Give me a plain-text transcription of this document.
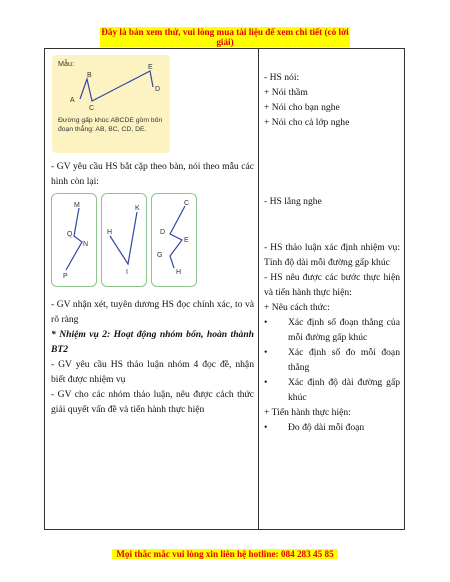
Đây là bản xem thử, vui lòng mua tài liệu để xem chi tiết (có lời giải)
Mẫu:
A
B
C
D
E
Đường gấp khúc ABCDE gồm bốn đoạn thẳng: AB, BC, CD, DE.

- GV yêu cầu HS bắt cặp theo bàn, nói theo mẫu các hình còn lại:

M
Q
N
P
K
H
I
C
D
E
G
H

- GV nhận xét, tuyên dương HS đọc chính xác, to và rõ ràng

* Nhiệm vụ 2: Hoạt động nhóm bốn, hoàn thành BT2

- GV yêu cầu HS thảo luận nhóm 4 đọc đề, nhận biết được nhiệm vụ

- GV cho các nhóm thảo luận, nêu được cách thức giải quyết vấn đề và tiến hành thực hiện

- HS nói:

+ Nói thầm

+ Nói cho bạn nghe

+ Nói cho cả lớp nghe

- HS lắng nghe

- HS thảo luận xác định nhiệm vụ: Tính độ dài mỗi đường gấp khúc

- HS nêu được các bước thực hiện và tiến hành thực hiện:

+ Nêu cách thức:

• Xác định số đoạn thẳng của mỗi đường gấp khúc

• Xác định số đo mỗi đoạn thẳng

• Xác định độ dài đường gấp khúc

+ Tiến hành thực hiện:

• Đo độ dài mỗi đoạn

Mọi thắc mắc vui lòng xin liên hệ hotline: 084 283 45 85
